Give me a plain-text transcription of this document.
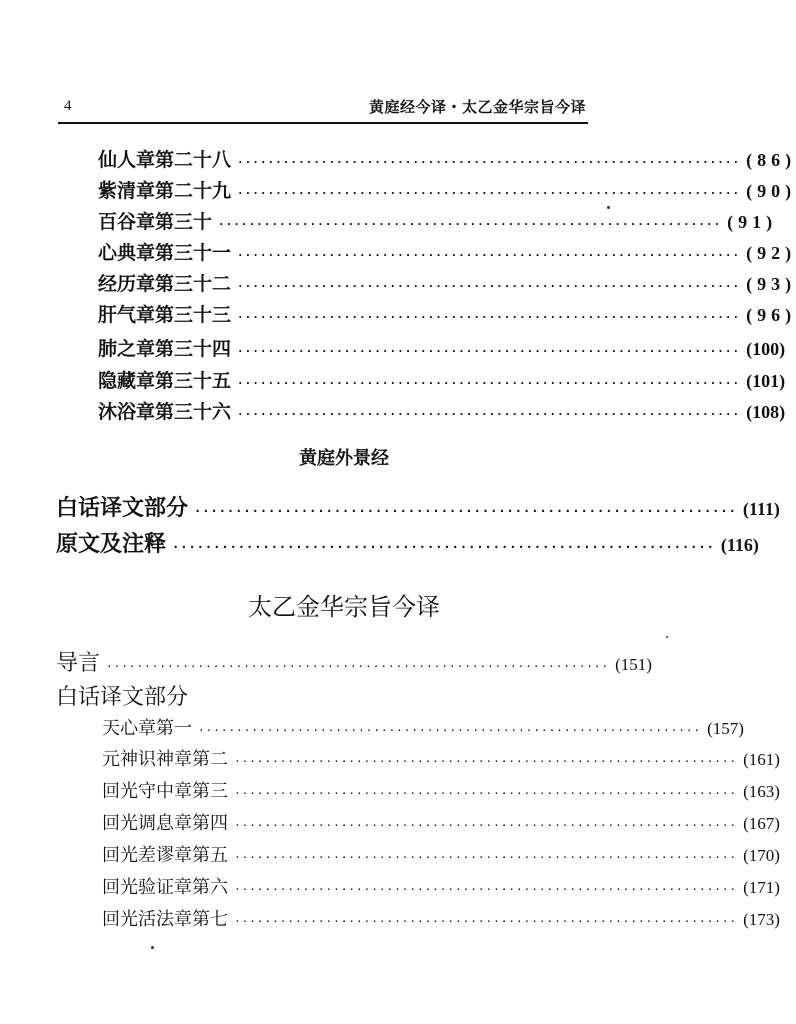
4	黄庭经今译・太乙金华宗旨今译
仙人章第二十八 ·································································· (86)
紫清章第二十九 ·································································· (90)
百谷章第三十 ·································································· (91)
心典章第三十一 ·································································· (92)
经历章第三十二 ·································································· (93)
肝气章第三十三 ·································································· (96)
肺之章第三十四 ·································································· (100)
隐藏章第三十五 ·································································· (101)
沐浴章第三十六 ·································································· (108)
黄庭外景经
白话译文部分 ·································································· (111)
原文及注释 ·································································· (116)
太乙金华宗旨今译
导言 ·································································· (151)
白话译文部分
天心章第一 ·································································· (157)
元神识神章第二 ·································································· (161)
回光守中章第三 ·································································· (163)
回光调息章第四 ·································································· (167)
回光差谬章第五 ·································································· (170)
回光验证章第六 ·································································· (171)
回光活法章第七 ·································································· (173)
